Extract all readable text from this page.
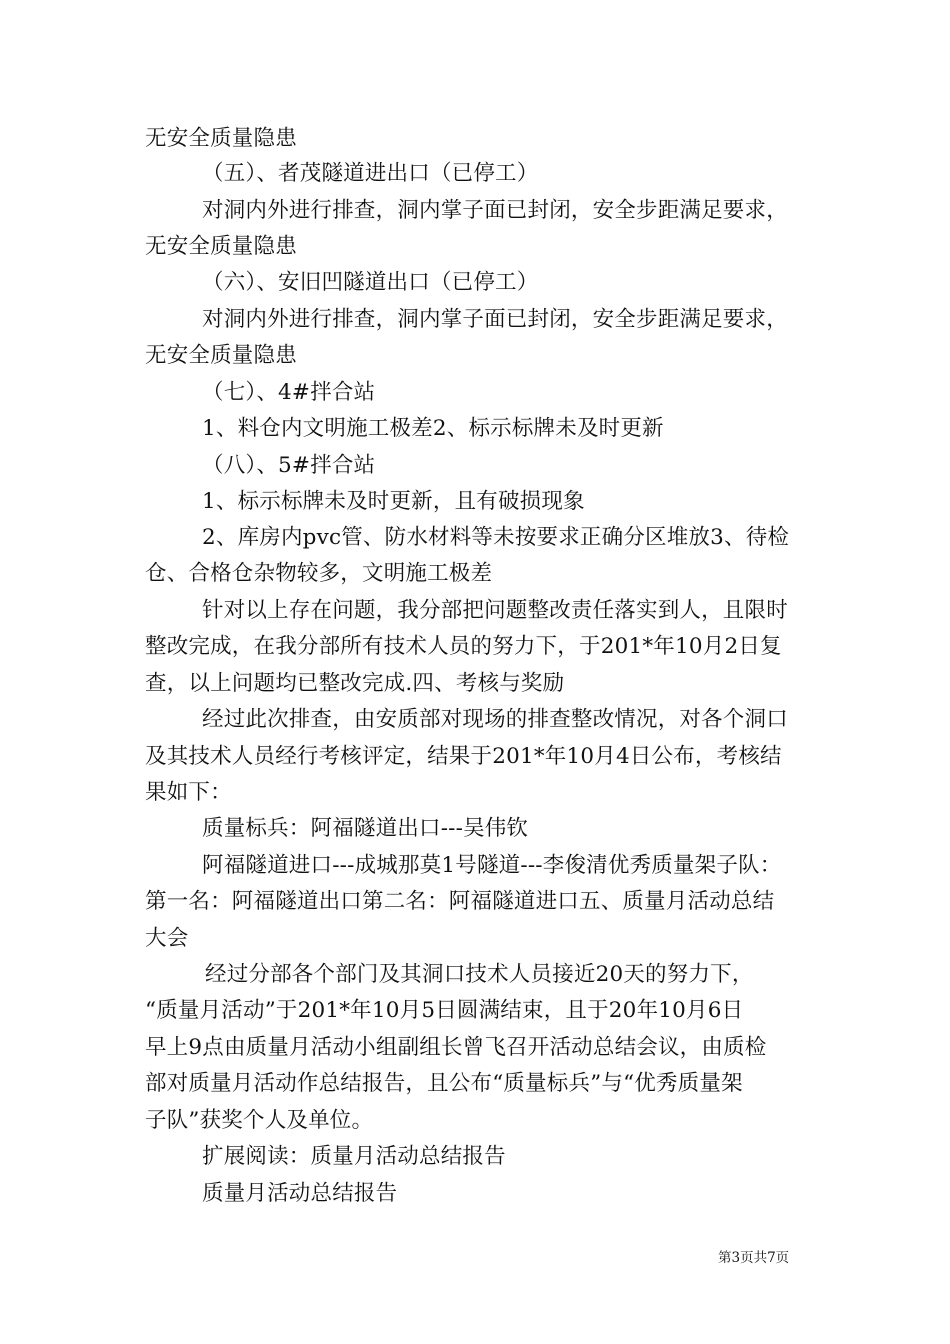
无安全质量隐患
（五）、者茂隧道进出口（已停工）
对洞内外进行排查，洞内掌子面已封闭，安全步距满足要求，
无安全质量隐患
（六）、安旧凹隧道出口（已停工）
对洞内外进行排查，洞内掌子面已封闭，安全步距满足要求，
无安全质量隐患
（七）、4#拌合站
1、料仓内文明施工极差2、标示标牌未及时更新
（八）、5#拌合站
1、标示标牌未及时更新，且有破损现象
2、库房内pvc管、防水材料等未按要求正确分区堆放3、待检
仓、合格仓杂物较多，文明施工极差
针对以上存在问题，我分部把问题整改责任落实到人，且限时
整改完成，在我分部所有技术人员的努力下，于201*年10月2日复
查，以上问题均已整改完成.四、考核与奖励
经过此次排查，由安质部对现场的排查整改情况，对各个洞口
及其技术人员经行考核评定，结果于201*年10月4日公布，考核结
果如下：
质量标兵：阿福隧道出口---吴伟钦
阿福隧道进口---成城那莫1号隧道---李俊清优秀质量架子队：
第一名：阿福隧道出口第二名：阿福隧道进口五、质量月活动总结
大会
经过分部各个部门及其洞口技术人员接近20天的努力下，
“质量月活动”于201*年10月5日圆满结束，且于20年10月6日
早上9点由质量月活动小组副组长曾飞召开活动总结会议，由质检
部对质量月活动作总结报告，且公布“质量标兵”与“优秀质量架
子队”获奖个人及单位。
扩展阅读：质量月活动总结报告
质量月活动总结报告
第3页共7页
